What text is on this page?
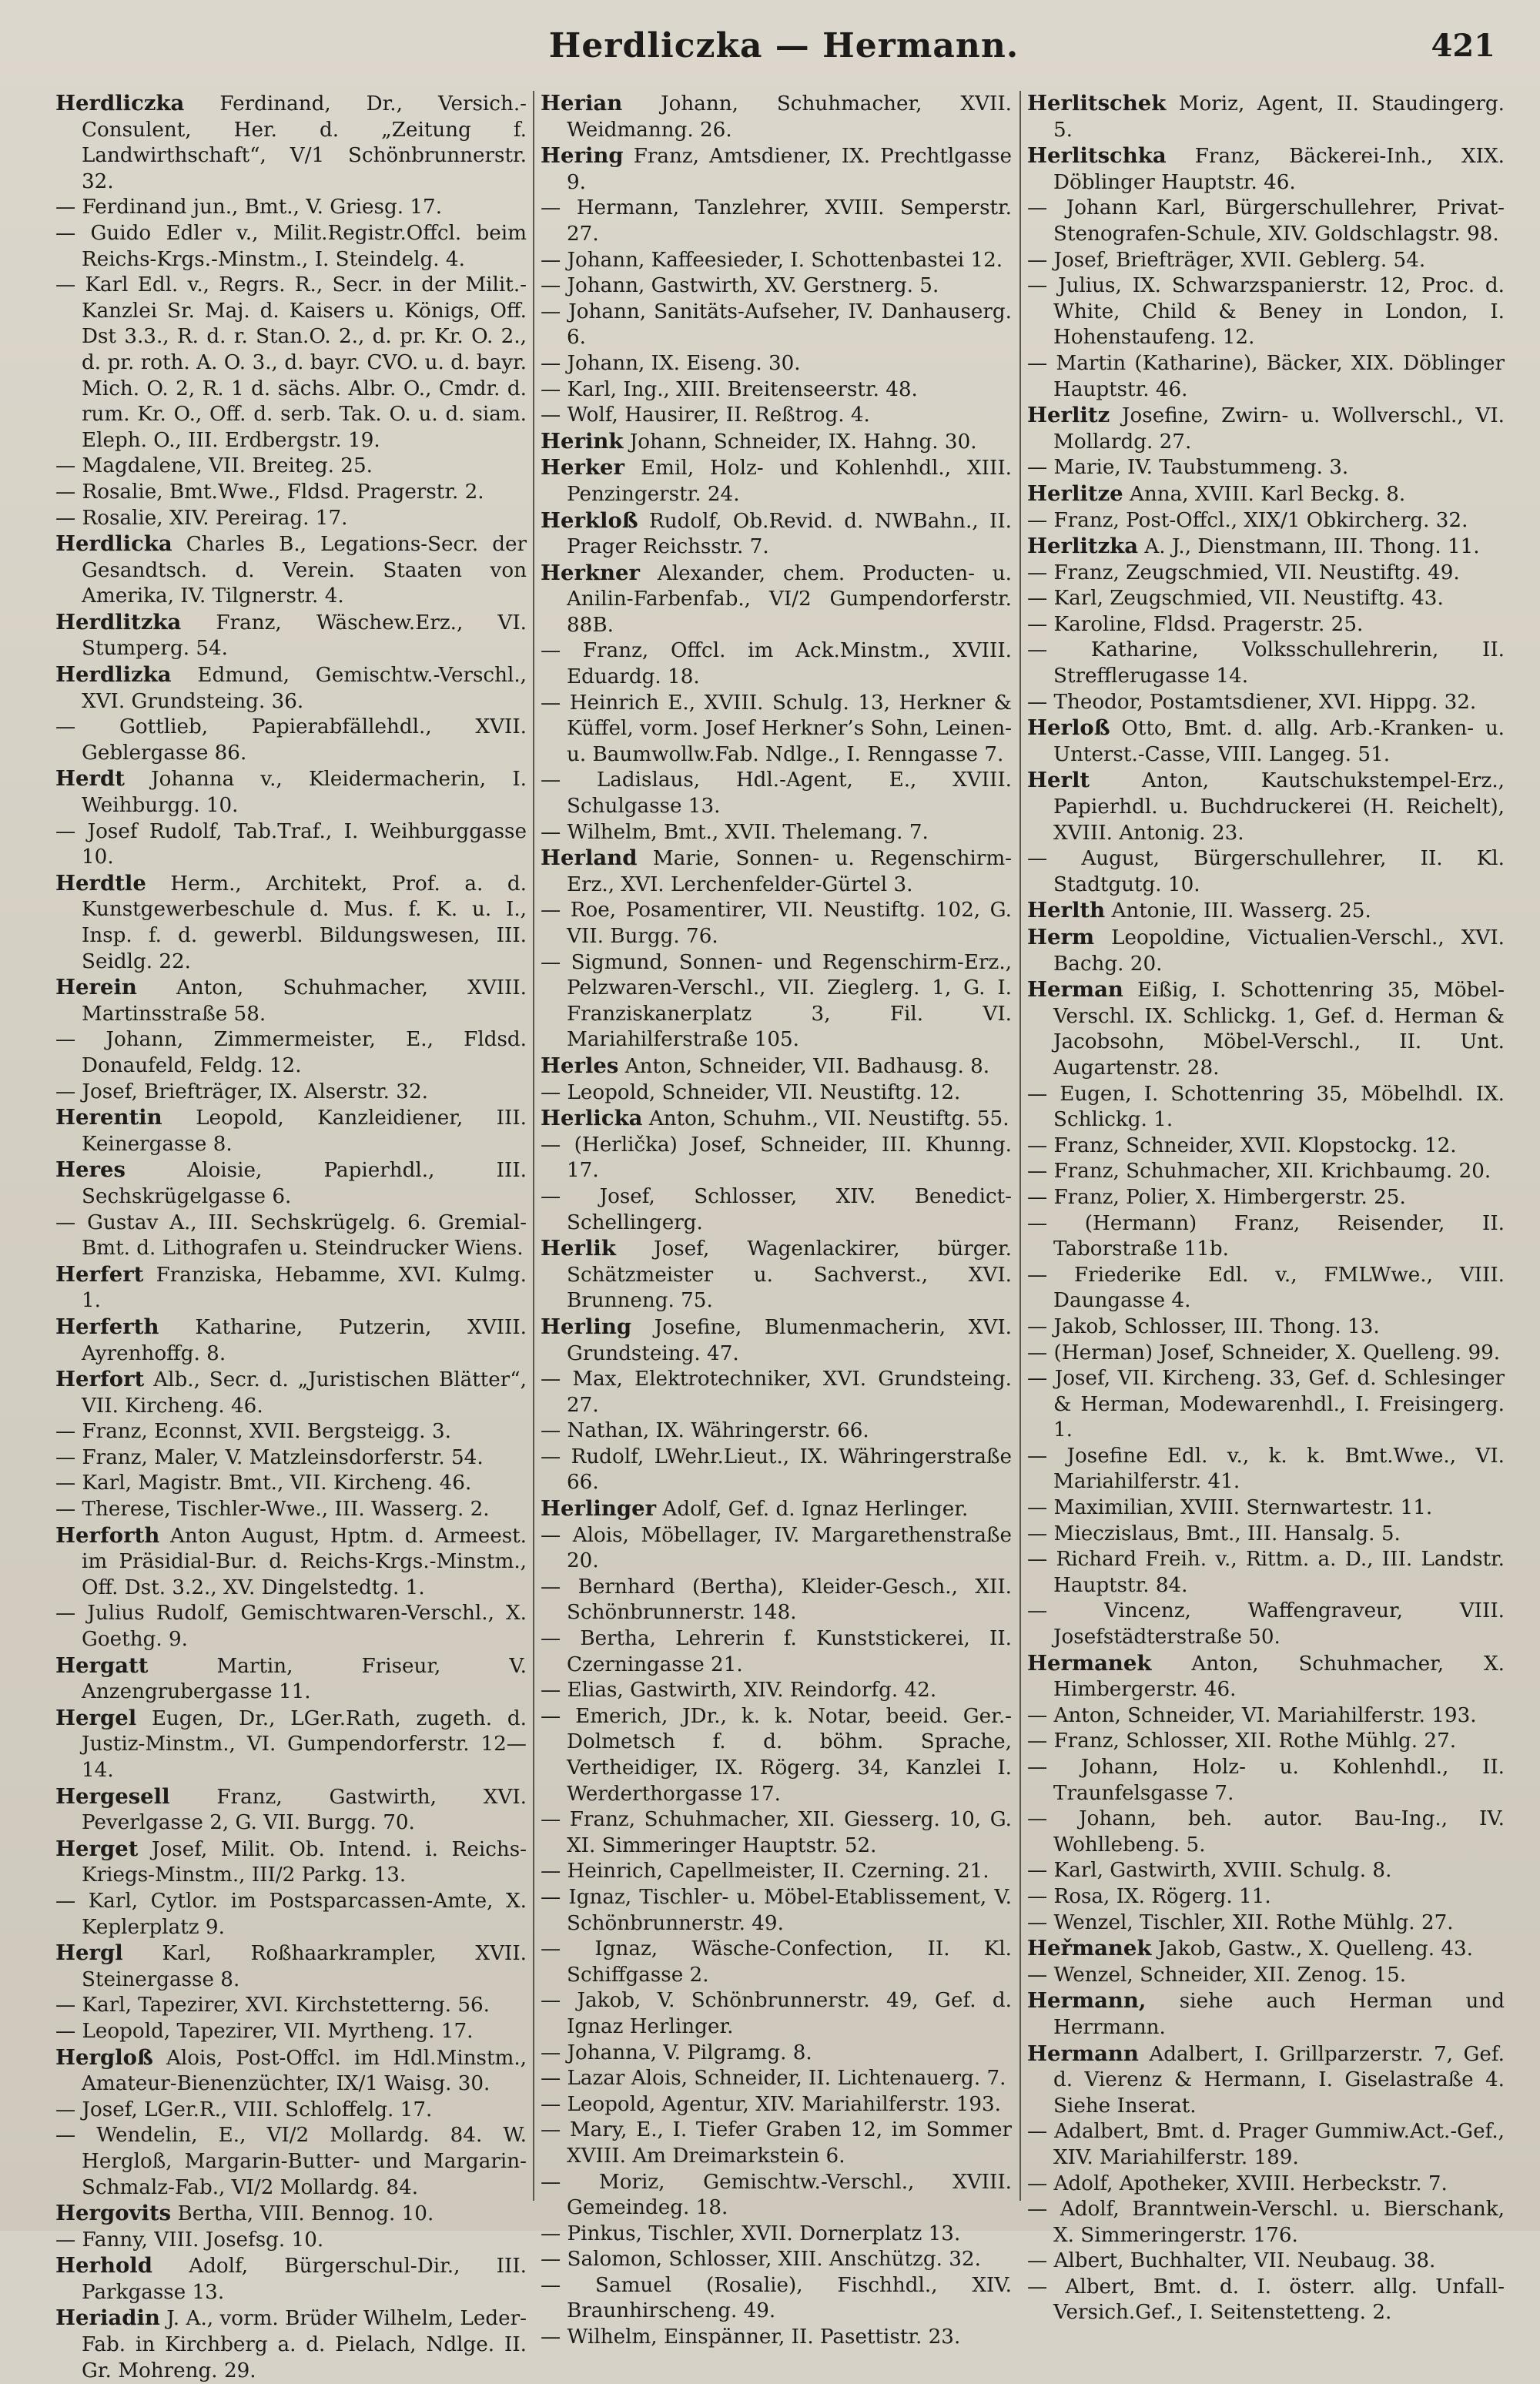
Herdliczka — Hermann.	421

Herdliczka Ferdinand, Dr., Versich.-Consulent, Her. d. „Zeitung f. Landwirthschaft“, V/1 Schönbrunnerstr. 32.

— Ferdinand jun., Bmt., V. Griesg. 17.

— Guido Edler v., Milit.Registr.Offcl. beim Reichs-Krgs.-Minstm., I. Steindelg. 4.

— Karl Edl. v., Regrs. R., Secr. in der Milit.-Kanzlei Sr. Maj. d. Kaisers u. Königs, Off. Dst 3.3., R. d. r. Stan.O. 2., d. pr. Kr. O. 2., d. pr. roth. A. O. 3., d. bayr. CVO. u. d. bayr. Mich. O. 2, R. 1 d. sächs. Albr. O., Cmdr. d. rum. Kr. O., Off. d. serb. Tak. O. u. d. siam. Eleph. O., III. Erdbergstr. 19.

— Magdalene, VII. Breiteg. 25.

— Rosalie, Bmt.Wwe., Fldsd. Pragerstr. 2.

— Rosalie, XIV. Pereirag. 17.

Herdlicka Charles B., Legations-Secr. der Gesandtsch. d. Verein. Staaten von Amerika, IV. Tilgnerstr. 4.

Herdlitzka Franz, Wäschew.Erz., VI. Stumperg. 54.

Herdlizka Edmund, Gemischtw.-Verschl., XVI. Grundsteing. 36.

— Gottlieb, Papierabfällehdl., XVII. Geblergasse 86.

Herdt Johanna v., Kleidermacherin, I. Weihburgg. 10.

— Josef Rudolf, Tab.Traf., I. Weihburggasse 10.

Herdtle Herm., Architekt, Prof. a. d. Kunstgewerbeschule d. Mus. f. K. u. I., Insp. f. d. gewerbl. Bildungswesen, III. Seidlg. 22.

Herein Anton, Schuhmacher, XVIII. Martinsstraße 58.

— Johann, Zimmermeister, E., Fldsd. Donaufeld, Feldg. 12.

— Josef, Briefträger, IX. Alserstr. 32.

Herentin Leopold, Kanzleidiener, III. Keinergasse 8.

Heres	Aloisie, Papierhdl., III. Sechskrügelgasse 6.

— Gustav A., III. Sechskrügelg. 6. Gremial-Bmt. d. Lithografen u. Steindrucker Wiens.

Herfert Franziska, Hebamme, XVI. Kulmg. 1.

Herferth Katharine, Putzerin, XVIII. Ayrenhoffg. 8.

Herfort Alb., Secr. d. „Juristischen Blätter“, VII. Kircheng. 46.

— Franz, Econnst, XVII. Bergsteigg. 3.

— Franz, Maler, V. Matzleinsdorferstr. 54.

— Karl, Magistr. Bmt., VII. Kircheng. 46.

— Therese, Tischler-Wwe., III. Wasserg. 2.

Herforth Anton August, Hptm. d. Armeest. im Präsidial-Bur. d. Reichs-Krgs.-Minstm., Off. Dst. 3.2., XV. Dingelstedtg. 1.

— Julius Rudolf, Gemischtwaren-Verschl., X. Goethg. 9.

Hergatt	Martin, Friseur, V. Anzengrubergasse 11.

Hergel Eugen, Dr., LGer.Rath, zugeth. d. Justiz-Minstm., VI. Gumpendorferstr. 12—14.

Hergesell Franz, Gastwirth, XVI. Peverlgasse 2, G. VII. Burgg. 70.

Herget Josef, Milit. Ob. Intend. i. Reichs-Kriegs-Minstm., III/2 Parkg. 13.

— Karl, Cytlor. im Postsparcassen-Amte, X. Keplerplatz 9.

Hergl Karl, Roßhaarkrampler, XVII. Steinergasse 8.

— Karl, Tapezirer, XVI. Kirchstetterng. 56.

— Leopold, Tapezirer, VII. Myrtheng. 17.

Hergloß Alois, Post-Offcl. im Hdl.Minstm., Amateur-Bienenzüchter, IX/1 Waisg. 30.

— Josef, LGer.R., VIII. Schloffelg. 17.

— Wendelin, E., VI/2 Mollardg. 84. W. Hergloß, Margarin-Butter- und Margarin-Schmalz-Fab., VI/2 Mollardg. 84.

Hergovits Bertha, VIII. Bennog. 10.

— Fanny, VIII. Josefsg. 10.

Herhold Adolf, Bürgerschul-Dir., III. Parkgasse 13.

Heriadin J. A., vorm. Brüder Wilhelm, Leder-Fab. in Kirchberg a. d. Pielach, Ndlge. II. Gr. Mohreng. 29.

Herian Johann, Schuhmacher, XVII. Weidmanng. 26.

Hering Franz, Amtsdiener, IX. Prechtlgasse 9.

— Hermann, Tanzlehrer, XVIII. Semperstr. 27.

— Johann, Kaffeesieder, I. Schottenbastei 12.

— Johann, Gastwirth, XV. Gerstnerg. 5.

— Johann, Sanitäts-Aufseher, IV. Danhauserg. 6.

— Johann, IX. Eiseng. 30.

— Karl, Ing., XIII. Breitenseerstr. 48.

— Wolf, Hausirer, II. Reßtrog. 4.

Herink Johann, Schneider, IX. Hahng. 30.

Herker Emil, Holz- und Kohlenhdl., XIII. Penzingerstr. 24.

Herkloß Rudolf, Ob.Revid. d. NWBahn., II. Prager Reichsstr. 7.

Herkner Alexander, chem. Producten- u. Anilin-Farbenfab., VI/2 Gumpendorferstr. 88B.

— Franz, Offcl. im Ack.Minstm., XVIII. Eduardg. 18.

— Heinrich E., XVIII. Schulg. 13, Herkner & Küffel, vorm. Josef Herkner’s Sohn, Leinen- u. Baumwollw.Fab. Ndlge., I. Renngasse 7.

— Ladislaus, Hdl.-Agent, E., XVIII. Schulgasse 13.

— Wilhelm, Bmt., XVII. Thelemang. 7.

Herland Marie, Sonnen- u. Regenschirm-Erz., XVI. Lerchenfelder-Gürtel 3.

— Roe, Posamentirer, VII. Neustiftg. 102, G. VII. Burgg. 76.

— Sigmund, Sonnen- und Regenschirm-Erz., Pelzwaren-Verschl., VII. Zieglerg. 1, G. I. Franziskanerplatz 3, Fil. VI. Mariahilferstraße 105.

Herles Anton, Schneider, VII. Badhausg. 8.

— Leopold, Schneider, VII. Neustiftg. 12.

Herlicka Anton, Schuhm., VII. Neustiftg. 55.

— (Herlička) Josef, Schneider, III. Khunng. 17.

— Josef, Schlosser, XIV. Benedict-Schellingerg.

Herlik Josef, Wagenlackirer, bürger. Schätzmeister u. Sachverst., XVI. Brunneng. 75.

Herling Josefine, Blumenmacherin, XVI. Grundsteing. 47.

— Max, Elektrotechniker, XVI. Grundsteing. 27.

— Nathan, IX. Währingerstr. 66.

— Rudolf, LWehr.Lieut., IX. Währingerstraße 66.

Herlinger Adolf, Gef. d. Ignaz Herlinger.

— Alois, Möbellager, IV. Margarethenstraße 20.

— Bernhard (Bertha), Kleider-Gesch., XII. Schönbrunnerstr. 148.

— Bertha, Lehrerin f. Kunststickerei, II. Czerningasse 21.

— Elias, Gastwirth, XIV. Reindorfg. 42.

— Emerich, JDr., k. k. Notar, beeid. Ger.-Dolmetsch f. d. böhm. Sprache, Vertheidiger, IX. Rögerg. 34, Kanzlei I. Werderthorgasse 17.

— Franz, Schuhmacher, XII. Giesserg. 10, G. XI. Simmeringer Hauptstr. 52.

— Heinrich, Capellmeister, II. Czerning. 21.

— Ignaz, Tischler- u. Möbel-Etablissement, V. Schönbrunnerstr. 49.

— Ignaz, Wäsche-Confection, II. Kl. Schiffgasse 2.

— Jakob, V. Schönbrunnerstr. 49, Gef. d. Ignaz Herlinger.

— Johanna, V. Pilgramg. 8.

— Lazar Alois, Schneider, II. Lichtenauerg. 7.

— Leopold, Agentur, XIV. Mariahilferstr. 193.

— Mary, E., I. Tiefer Graben 12, im Sommer XVIII. Am Dreimarkstein 6.

— Moriz, Gemischtw.-Verschl., XVIII. Gemeindeg. 18.

— Pinkus, Tischler, XVII. Dornerplatz 13.

— Salomon, Schlosser, XIII. Anschützg. 32.

— Samuel (Rosalie), Fischhdl., XIV. Braunhirscheng. 49.

— Wilhelm, Einspänner, II. Pasettistr. 23.

Herlitschek Moriz, Agent, II. Staudingerg. 5.

Herlitschka Franz, Bäckerei-Inh., XIX. Döblinger Hauptstr. 46.

— Johann Karl, Bürgerschullehrer, Privat-Stenografen-Schule, XIV. Goldschlagstr. 98.

— Josef, Briefträger, XVII. Geblerg. 54.

— Julius, IX. Schwarzspanierstr. 12, Proc. d. White, Child & Beney in London, I. Hohenstaufeng. 12.

— Martin (Katharine), Bäcker, XIX. Döblinger Hauptstr. 46.

Herlitz Josefine, Zwirn- u. Wollverschl., VI. Mollardg. 27.

— Marie, IV. Taubstummeng. 3.

Herlitze Anna, XVIII. Karl Beckg. 8.

— Franz, Post-Offcl., XIX/1 Obkircherg. 32.

Herlitzka A. J., Dienstmann, III. Thong. 11.

— Franz, Zeugschmied, VII. Neustiftg. 49.

— Karl, Zeugschmied, VII. Neustiftg. 43.

— Karoline, Fldsd. Pragerstr. 25.

— Katharine, Volksschullehrerin, II. Strefflerugasse 14.

— Theodor, Postamtsdiener, XVI. Hippg. 32.

Herloß Otto, Bmt. d. allg. Arb.-Kranken- u. Unterst.-Casse, VIII. Langeg. 51.

Herlt	Anton, Kautschukstempel-Erz., Papierhdl. u. Buchdruckerei (H. Reichelt), XVIII. Antonig. 23.

— August, Bürgerschullehrer, II. Kl. Stadtgutg. 10.

Herlth Antonie, III. Wasserg. 25.

Herm Leopoldine, Victualien-Verschl., XVI. Bachg. 20.

Herman Eißig, I. Schottenring 35, Möbel-Verschl. IX. Schlickg. 1, Gef. d. Herman & Jacobsohn, Möbel-Verschl., II. Unt. Augartenstr. 28.

— Eugen, I. Schottenring 35, Möbelhdl. IX. Schlickg. 1.

— Franz, Schneider, XVII. Klopstockg. 12.

— Franz, Schuhmacher, XII. Krichbaumg. 20.

— Franz, Polier, X. Himbergerstr. 25.

— (Hermann) Franz, Reisender, II. Taborstraße 11b.

— Friederike Edl. v., FMLWwe., VIII. Daungasse 4.

— Jakob, Schlosser, III. Thong. 13.

— (Herman) Josef, Schneider, X. Quelleng. 99.

— Josef, VII. Kircheng. 33, Gef. d. Schlesinger & Herman, Modewarenhdl., I. Freisingerg. 1.

— Josefine Edl. v., k. k. Bmt.Wwe., VI. Mariahilferstr. 41.

— Maximilian, XVIII. Sternwartestr. 11.

— Mieczislaus, Bmt., III. Hansalg. 5.

— Richard Freih. v., Rittm. a. D., III. Landstr. Hauptstr. 84.

— Vincenz, Waffengraveur, VIII. Josefstädterstraße 50.

Hermanek Anton, Schuhmacher, X. Himbergerstr. 46.

— Anton, Schneider, VI. Mariahilferstr. 193.

— Franz, Schlosser, XII. Rothe Mühlg. 27.

— Johann, Holz- u. Kohlenhdl., II. Traunfelsgasse 7.

— Johann, beh. autor. Bau-Ing., IV. Wohllebeng. 5.

— Karl, Gastwirth, XVIII. Schulg. 8.

— Rosa, IX. Rögerg. 11.

— Wenzel, Tischler, XII. Rothe Mühlg. 27.

Heřmanek Jakob, Gastw., X. Quelleng. 43.

— Wenzel, Schneider, XII. Zenog. 15.

Hermann, siehe auch Herman und Herrmann.

Hermann Adalbert, I. Grillparzerstr. 7, Gef. d. Vierenz & Hermann, I. Giselastraße 4. Siehe Inserat.

— Adalbert, Bmt. d. Prager Gummiw.Act.-Gef., XIV. Mariahilferstr. 189.

— Adolf, Apotheker, XVIII. Herbeckstr. 7.

— Adolf, Branntwein-Verschl. u. Bierschank, X. Simmeringerstr. 176.

— Albert, Buchhalter, VII. Neubaug. 38.

— Albert, Bmt. d. I. österr. allg. Unfall-Versich.Gef., I. Seitenstetteng. 2.
